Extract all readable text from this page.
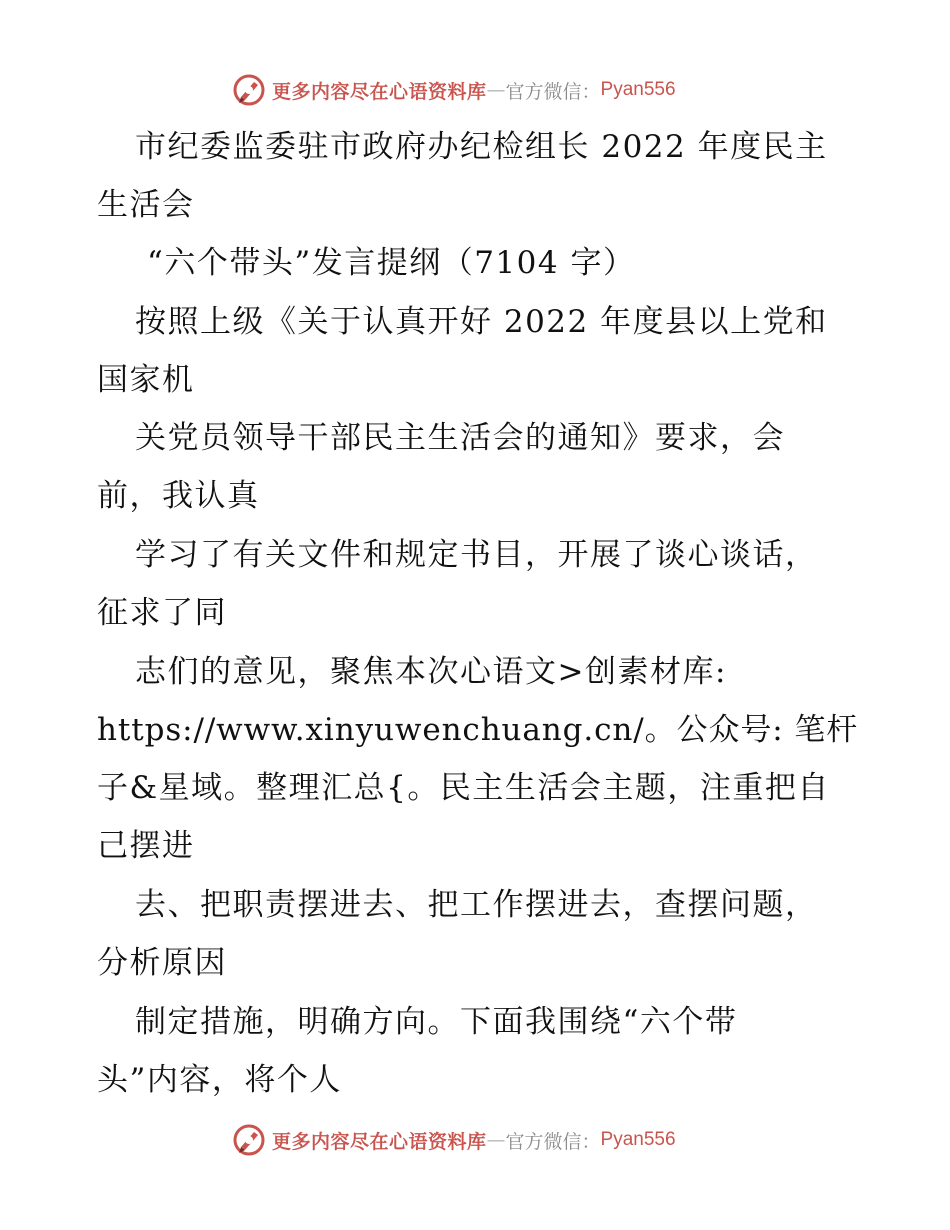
更多内容尽在心语资料库 — 官方微信： Pyan556
市纪委监委驻市政府办纪检组长 2022 年度民主
生活会
“六个带头”发言提纲（7104 字）
按照上级《关于认真开好 2022 年度县以上党和
国家机
关党员领导干部民主生活会的通知》要求，会
前，我认真
学习了有关文件和规定书目，开展了谈心谈话，
征求了同
志们的意见，聚焦本次心语文>创素材库:
https://www.xinyuwenchuang.cn/。公众号: 笔杆
子&星域。整理汇总{。民主生活会主题，注重把自
己摆进
去、把职责摆进去、把工作摆进去，查摆问题，
分析原因
制定措施，明确方向。下面我围绕“六个带
头”内容，将个人
更多内容尽在心语资料库 — 官方微信： Pyan556
